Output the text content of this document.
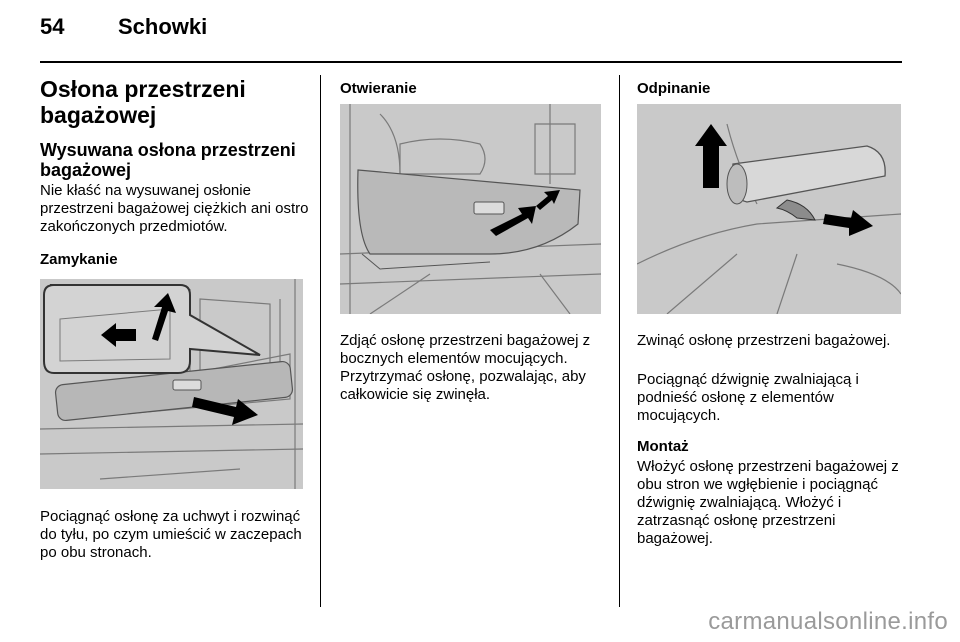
54 Schowki
Osłona przestrzeni bagażowej
Wysuwana osłona przestrzeni bagażowej
Nie kłaść na wysuwanej osłonie przestrzeni bagażowej ciężkich ani ostro zakończonych przedmiotów.
Zamykanie
Pociągnąć osłonę za uchwyt i rozwinąć do tyłu, po czym umieścić w zaczepach po obu stronach.
Otwieranie
Zdjąć osłonę przestrzeni bagażowej z bocznych elementów mocujących. Przytrzymać osłonę, pozwalając, aby całkowicie się zwinęła.
Odpinanie
Zwinąć osłonę przestrzeni bagażowej.
Pociągnąć dźwignię zwalniającą i podnieść osłonę z elementów mocujących.
Montaż
Włożyć osłonę przestrzeni bagażowej z obu stron we wgłębienie i pociągnąć dźwignię zwalniającą. Włożyć i zatrzasnąć osłonę przestrzeni bagażowej.
carmanualsonline.info
